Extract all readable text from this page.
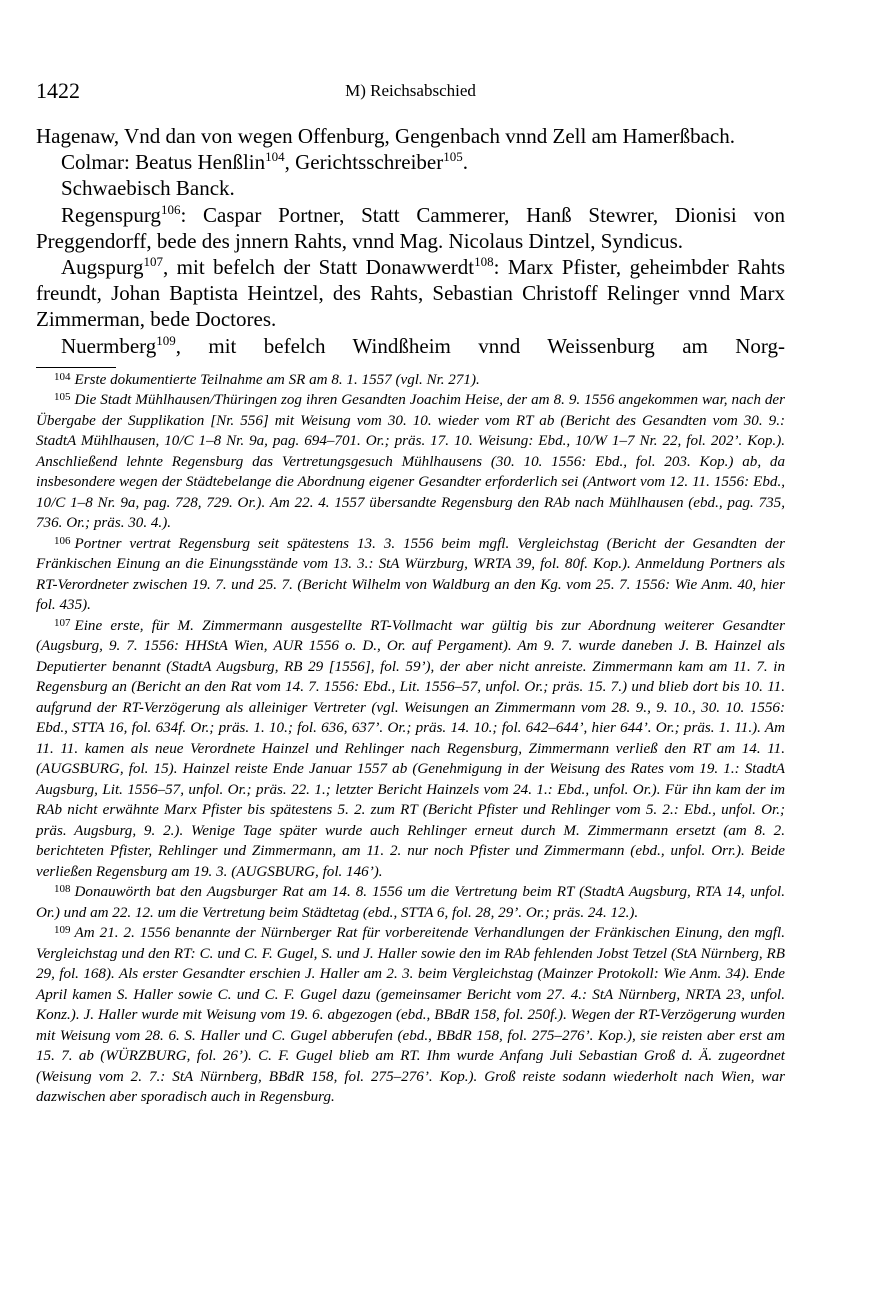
1422	M) Reichsabschied

Hagenaw, Vnd dan von wegen Offenburg, Gengenbach vnnd Zell am Hamerßbach.

Colmar: Beatus Henßlin$^{104}$, Gerichtsschreiber$^{105}$.

Schwaebisch Banck.

Regenspurg$^{106}$: Caspar Portner, Statt Cammerer, Hanß Stewrer, Dionisi von Preggendorff, bede des jnnern Rahts, vnnd Mag. Nicolaus Dintzel, Syndicus.

Augspurg$^{107}$, mit befelch der Statt Donawwerdt$^{108}$: Marx Pfister, geheimbder Rahts freundt, Johan Baptista Heintzel, des Rahts, Sebastian Christoff Relinger vnnd Marx Zimmerman, bede Doctores.

Nuermberg$^{109}$, mit befelch Windßheim vnnd Weissenburg am Norg-

$^{104}$ Erste dokumentierte Teilnahme am SR am 8. 1. 1557 (vgl. Nr. 271).

$^{105}$ Die Stadt Mühlhausen/Thüringen zog ihren Gesandten Joachim Heise, der am 8. 9. 1556 angekommen war, nach der Übergabe der Supplikation [Nr. 556] mit Weisung vom 30. 10. wieder vom RT ab (Bericht des Gesandten vom 30. 9.: StadtA Mühlhausen, 10/C 1–8 Nr. 9a, pag. 694–701. Or.; präs. 17. 10. Weisung: Ebd., 10/W 1–7 Nr. 22, fol. 202’. Kop.). Anschließend lehnte Regensburg das Vertretungsgesuch Mühlhausens (30. 10. 1556: Ebd., fol. 203. Kop.) ab, da insbesondere wegen der Städtebelange die Abordnung eigener Gesandter erforderlich sei (Antwort vom 12. 11. 1556: Ebd., 10/C 1–8 Nr. 9a, pag. 728, 729. Or.). Am 22. 4. 1557 übersandte Regensburg den RAb nach Mühlhausen (ebd., pag. 735, 736. Or.; präs. 30. 4.).

$^{106}$ Portner vertrat Regensburg seit spätestens 13. 3. 1556 beim mgfl. Vergleichstag (Bericht der Gesandten der Fränkischen Einung an die Einungsstände vom 13. 3.: StA Würzburg, WRTA 39, fol. 80f. Kop.). Anmeldung Portners als RT-Verordneter zwischen 19. 7. und 25. 7. (Bericht Wilhelm von Waldburg an den Kg. vom 25. 7. 1556: Wie Anm. 40, hier fol. 435).

$^{107}$ Eine erste, für M. Zimmermann ausgestellte RT-Vollmacht war gültig bis zur Abordnung weiterer Gesandter (Augsburg, 9. 7. 1556: HHStA Wien, AUR 1556 o. D., Or. auf Pergament). Am 9. 7. wurde daneben J. B. Hainzel als Deputierter benannt (StadtA Augsburg, RB 29 [1556], fol. 59’), der aber nicht anreiste. Zimmermann kam am 11. 7. in Regensburg an (Bericht an den Rat vom 14. 7. 1556: Ebd., Lit. 1556–57, unfol. Or.; präs. 15. 7.) und blieb dort bis 10. 11. aufgrund der RT-Verzögerung als alleiniger Vertreter (vgl. Weisungen an Zimmermann vom 28. 9., 9. 10., 30. 10. 1556: Ebd., STTA 16, fol. 634f. Or.; präs. 1. 10.; fol. 636, 637’. Or.; präs. 14. 10.; fol. 642–644’, hier 644’. Or.; präs. 1. 11.). Am 11. 11. kamen als neue Verordnete Hainzel und Rehlinger nach Regensburg, Zimmermann verließ den RT am 14. 11. (AUGSBURG, fol. 15). Hainzel reiste Ende Januar 1557 ab (Genehmigung in der Weisung des Rates vom 19. 1.: StadtA Augsburg, Lit. 1556–57, unfol. Or.; präs. 22. 1.; letzter Bericht Hainzels vom 24. 1.: Ebd., unfol. Or.). Für ihn kam der im RAb nicht erwähnte Marx Pfister bis spätestens 5. 2. zum RT (Bericht Pfister und Rehlinger vom 5. 2.: Ebd., unfol. Or.; präs. Augsburg, 9. 2.). Wenige Tage später wurde auch Rehlinger erneut durch M. Zimmermann ersetzt (am 8. 2. berichteten Pfister, Rehlinger und Zimmermann, am 11. 2. nur noch Pfister und Zimmermann (ebd., unfol. Orr.). Beide verließen Regensburg am 19. 3. (AUGSBURG, fol. 146’).

$^{108}$ Donauwörth bat den Augsburger Rat am 14. 8. 1556 um die Vertretung beim RT (StadtA Augsburg, RTA 14, unfol. Or.) und am 22. 12. um die Vertretung beim Städtetag (ebd., STTA 6, fol. 28, 29’. Or.; präs. 24. 12.).

$^{109}$ Am 21. 2. 1556 benannte der Nürnberger Rat für vorbereitende Verhandlungen der Fränkischen Einung, den mgfl. Vergleichstag und den RT: C. und C. F. Gugel, S. und J. Haller sowie den im RAb fehlenden Jobst Tetzel (StA Nürnberg, RB 29, fol. 168). Als erster Gesandter erschien J. Haller am 2. 3. beim Vergleichstag (Mainzer Protokoll: Wie Anm. 34). Ende April kamen S. Haller sowie C. und C. F. Gugel dazu (gemeinsamer Bericht vom 27. 4.: StA Nürnberg, NRTA 23, unfol. Konz.). J. Haller wurde mit Weisung vom 19. 6. abgezogen (ebd., BBdR 158, fol. 250f.). Wegen der RT-Verzögerung wurden mit Weisung vom 28. 6. S. Haller und C. Gugel abberufen (ebd., BBdR 158, fol. 275–276’. Kop.), sie reisten aber erst am 15. 7. ab (WÜRZBURG, fol. 26’). C. F. Gugel blieb am RT. Ihm wurde Anfang Juli Sebastian Groß d. Ä. zugeordnet (Weisung vom 2. 7.: StA Nürnberg, BBdR 158, fol. 275–276’. Kop.). Groß reiste sodann wiederholt nach Wien, war dazwischen aber sporadisch auch in Regensburg.
